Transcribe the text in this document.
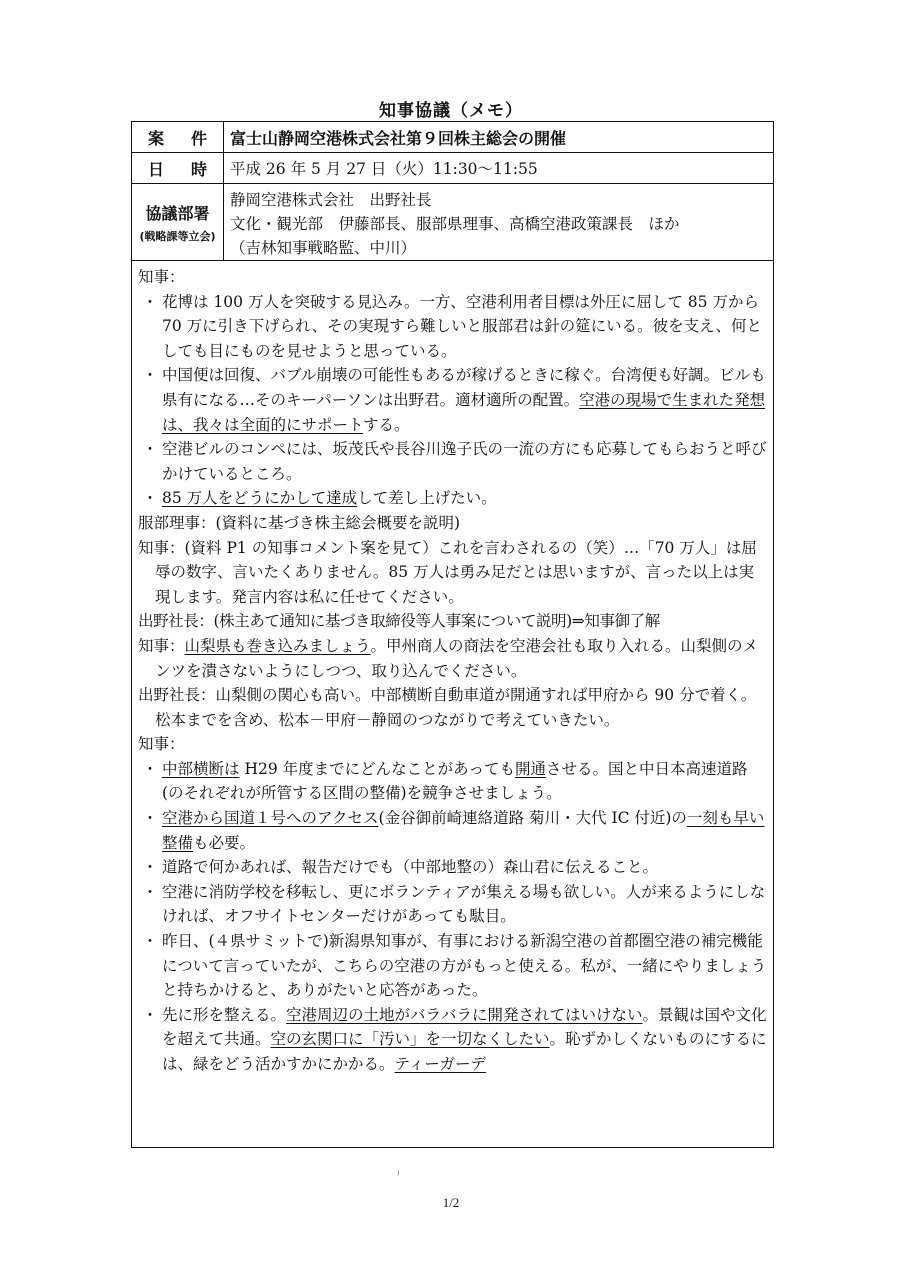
知事協議（メモ）
案 件	富士山静岡空港株式会社第９回株主総会の開催
日 時	平成 26 年 5 月 27 日（火）11:30～11:55
協議部署
(戦略課等立会)
静岡空港株式会社　出野社長
文化・観光部　伊藤部長、服部県理事、高橋空港政策課長　ほか
（吉林知事戦略監、中川）
知事：
・ 花博は 100 万人を突破する見込み。一方、空港利用者目標は外圧に屈して 85 万から 70 万に引き下げられ、その実現すら難しいと服部君は針の筵にいる。彼を支え、何としても目にものを見せようと思っている。
・ 中国便は回復、バブル崩壊の可能性もあるが稼げるときに稼ぐ。台湾便も好調。ビルも県有になる…そのキーパーソンは出野君。適材適所の配置。空港の現場で生まれた発想は、我々は全面的にサポートする。
・ 空港ビルのコンペには、坂茂氏や長谷川逸子氏の一流の方にも応募してもらおうと呼びかけているところ。
・ 85 万人をどうにかして達成して差し上げたい。
服部理事：(資料に基づき株主総会概要を説明)
知事：(資料 P1 の知事コメント案を見て）これを言わされるの（笑）…「70 万人」は屈辱の数字、言いたくありません。85 万人は勇み足だとは思いますが、言った以上は実現します。発言内容は私に任せてください。
出野社長：(株主あて通知に基づき取締役等人事案について説明)⇒知事御了解
知事：山梨県も巻き込みましょう。甲州商人の商法を空港会社も取り入れる。山梨側のメンツを潰さないようにしつつ、取り込んでください。
出野社長：山梨側の関心も高い。中部横断自動車道が開通すれば甲府から 90 分で着く。松本までを含め、松本－甲府－静岡のつながりで考えていきたい。
知事：
・ 中部横断は H29 年度までにどんなことがあっても開通させる。国と中日本高速道路(のそれぞれが所管する区間の整備)を競争させましょう。
・ 空港から国道１号へのアクセス(金谷御前崎連絡道路 菊川・大代 IC 付近)の一刻も早い整備も必要。
・ 道路で何かあれば、報告だけでも（中部地整の）森山君に伝えること。
・ 空港に消防学校を移転し、更にボランティアが集える場も欲しい。人が来るようにしなければ、オフサイトセンターだけがあっても駄目。
・ 昨日、(４県サミットで)新潟県知事が、有事における新潟空港の首都圏空港の補完機能について言っていたが、こちらの空港の方がもっと使える。私が、一緒にやりましょうと持ちかけると、ありがたいと応答があった。
・ 先に形を整える。空港周辺の土地がバラバラに開発されてはいけない。景観は国や文化を超えて共通。空の玄関口に「汚い」を一切なくしたい。恥ずかしくないものにするには、緑をどう活かすかにかかる。ティーガーデ
⁾
1/2
